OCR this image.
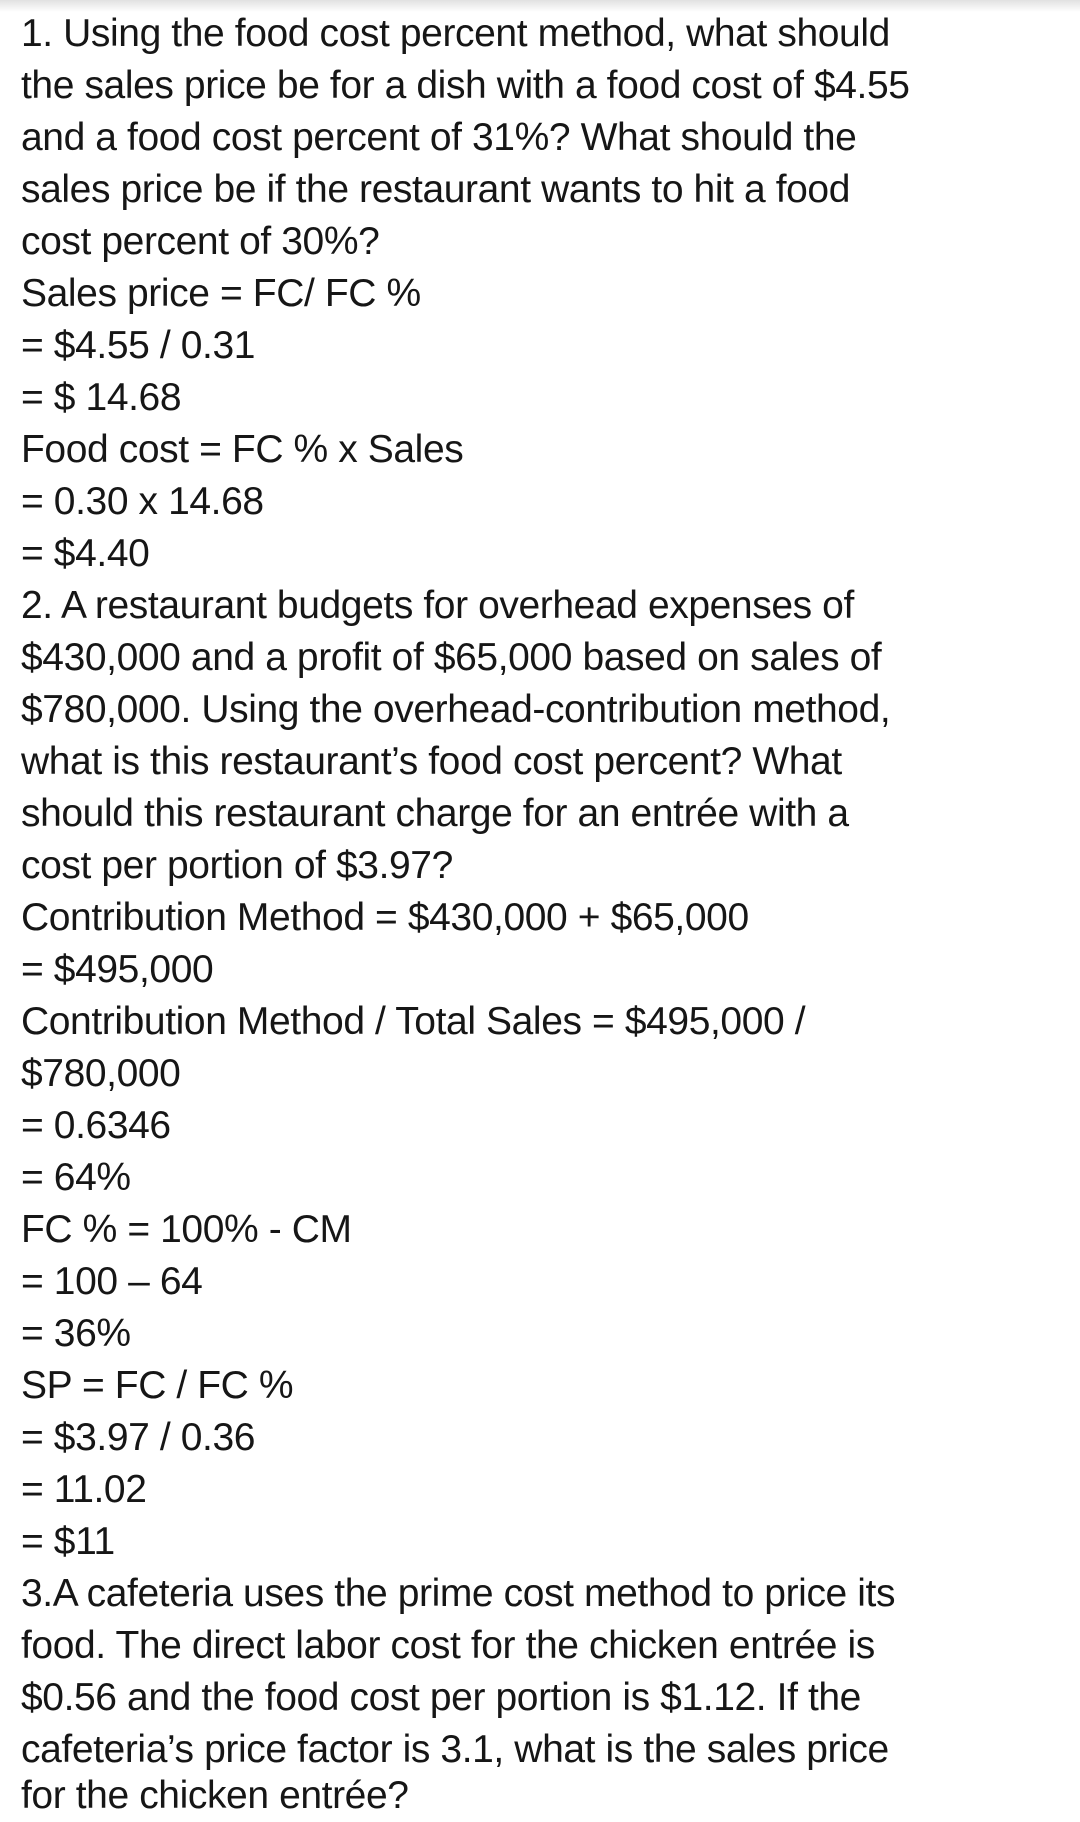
1. Using the food cost percent method, what should
the sales price be for a dish with a food cost of $4.55
and a food cost percent of 31%? What should the
sales price be if the restaurant wants to hit a food
cost percent of 30%?
Sales price = FC/ FC %
= $4.55 / 0.31
= $ 14.68
Food cost = FC % x Sales
= 0.30 x 14.68
= $4.40
2. A restaurant budgets for overhead expenses of
$430,000 and a profit of $65,000 based on sales of
$780,000. Using the overhead-contribution method,
what is this restaurant’s food cost percent? What
should this restaurant charge for an entrée with a
cost per portion of $3.97?
Contribution Method = $430,000 + $65,000
= $495,000
Contribution Method / Total Sales = $495,000 /
$780,000
= 0.6346
= 64%
FC % = 100% - CM
= 100 – 64
= 36%
SP = FC / FC %
= $3.97 / 0.36
= 11.02
= $11
3.A cafeteria uses the prime cost method to price its
food. The direct labor cost for the chicken entrée is
$0.56 and the food cost per portion is $1.12. If the
cafeteria’s price factor is 3.1, what is the sales price
for the chicken entrée?
